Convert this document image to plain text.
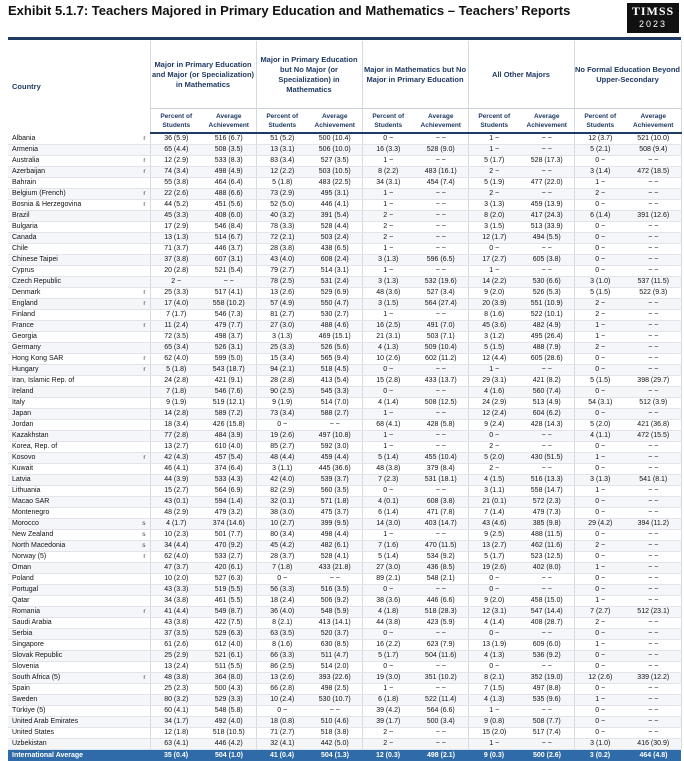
Exhibit 5.1.7: Teachers Majored in Primary Education and Mathematics – Teachers’ Reports	TIMSS
2023
Country	Major in Primary Education and Major (or Specialization) in Mathematics		Major in Primary Education but No Major (or Specialization) in Mathematics		Major in Mathematics but No Major in Primary Education		All Other Majors		No Formal Education Beyond Upper-Secondary	
	Percent of Students	Average Achievement	Percent of Students	Average Achievement	Percent of Students	Average Achievement	Percent of Students	Average Achievement	Percent of Students	Average Achievement
Albania r	36 (5.9)	516 (6.7)	51 (5.2)	500 (10.4)	0 ~	~ ~	1 ~	~ ~	12 (3.7)	521 (10.0)
Armenia	65 (4.4)	508 (3.5)	13 (3.1)	506 (10.0)	16 (3.3)	528 (9.0)	1 ~	~ ~	5 (2.1)	508 (9.4)
Australia r	12 (2.9)	533 (8.3)	83 (3.4)	527 (3.5)	1 ~	~ ~	5 (1.7)	528 (17.3)	0 ~	~ ~
Azerbaijan r	74 (3.4)	498 (4.9)	12 (2.2)	503 (10.5)	8 (2.2)	483 (16.1)	2 ~	~ ~	3 (1.4)	472 (18.5)
Bahrain	55 (3.8)	464 (6.4)	5 (1.8)	483 (22.5)	34 (3.1)	454 (7.4)	5 (1.9)	477 (22.0)	1 ~	~ ~
Belgium (French) r	22 (2.6)	488 (6.6)	73 (2.9)	495 (3.1)	1 ~	~ ~	2 ~	~ ~	2 ~	~ ~
Bosnia & Herzegovina r	44 (5.2)	451 (5.6)	52 (5.0)	446 (4.1)	1 ~	~ ~	3 (1.3)	459 (13.9)	0 ~	~ ~
Brazil	45 (3.3)	408 (6.0)	40 (3.2)	391 (5.4)	2 ~	~ ~	8 (2.0)	417 (24.3)	6 (1.4)	391 (12.6)
Bulgaria	17 (2.9)	546 (8.4)	78 (3.3)	528 (4.4)	2 ~	~ ~	3 (1.5)	513 (33.9)	0 ~	~ ~
Canada	13 (1.3)	514 (6.7)	72 (2.1)	503 (2.4)	2 ~	~ ~	12 (1.7)	494 (5.5)	0 ~	~ ~
Chile	71 (3.7)	446 (3.7)	28 (3.8)	438 (6.5)	1 ~	~ ~	0 ~	~ ~	0 ~	~ ~
Chinese Taipei	37 (3.8)	607 (3.1)	43 (4.0)	608 (2.4)	3 (1.3)	596 (6.5)	17 (2.7)	605 (3.8)	0 ~	~ ~
Cyprus	20 (2.8)	521 (5.4)	79 (2.7)	514 (3.1)	1 ~	~ ~	1 ~	~ ~	0 ~	~ ~
Czech Republic	2 ~	~ ~	78 (2.5)	531 (2.4)	3 (1.3)	532 (19.6)	14 (2.2)	530 (6.6)	3 (1.0)	537 (11.5)
Denmark r	25 (3.3)	517 (4.1)	13 (2.6)	529 (6.9)	48 (3.6)	527 (3.4)	9 (2.0)	526 (5.3)	5 (1.5)	522 (9.3)
England r	17 (4.0)	558 (10.2)	57 (4.9)	550 (4.7)	3 (1.5)	564 (27.4)	20 (3.9)	551 (10.9)	2 ~	~ ~
Finland	7 (1.7)	546 (7.3)	81 (2.7)	530 (2.7)	1 ~	~ ~	8 (1.6)	522 (10.1)	2 ~	~ ~
France r	11 (2.4)	479 (7.7)	27 (3.0)	488 (4.6)	16 (2.5)	491 (7.0)	45 (3.6)	482 (4.9)	1 ~	~ ~
Georgia	72 (3.5)	498 (3.7)	3 (1.3)	469 (15.1)	21 (3.1)	503 (7.1)	3 (1.2)	495 (26.4)	1 ~	~ ~
Germany	65 (3.4)	526 (3.1)	25 (3.3)	526 (5.6)	4 (1.3)	509 (10.4)	5 (1.5)	488 (7.9)	2 ~	~ ~
Hong Kong SAR r	62 (4.0)	599 (5.0)	15 (3.4)	565 (9.4)	10 (2.6)	602 (11.2)	12 (4.4)	605 (28.6)	0 ~	~ ~
Hungary r	5 (1.8)	543 (18.7)	94 (2.1)	518 (4.5)	0 ~	~ ~	1 ~	~ ~	0 ~	~ ~
Iran, Islamic Rep. of	24 (2.8)	421 (9.1)	28 (2.8)	413 (5.4)	15 (2.8)	433 (13.7)	29 (3.1)	421 (8.2)	5 (1.5)	398 (29.7)
Ireland	7 (1.8)	546 (7.6)	90 (2.5)	545 (3.3)	0 ~	~ ~	4 (1.6)	560 (7.4)	0 ~	~ ~
Italy	9 (1.9)	519 (12.1)	9 (1.9)	514 (7.0)	4 (1.4)	508 (12.5)	24 (2.9)	513 (4.9)	54 (3.1)	512 (3.9)
Japan	14 (2.8)	589 (7.2)	73 (3.4)	588 (2.7)	1 ~	~ ~	12 (2.4)	604 (6.2)	0 ~	~ ~
Jordan	18 (3.4)	426 (15.8)	0 ~	~ ~	68 (4.1)	428 (5.8)	9 (2.4)	428 (14.3)	5 (2.0)	421 (36.8)
Kazakhstan	77 (2.8)	484 (3.9)	19 (2.6)	497 (10.8)	1 ~	~ ~	0 ~	~ ~	4 (1.1)	472 (15.5)
Korea, Rep. of	13 (2.7)	610 (4.0)	85 (2.7)	592 (3.0)	1 ~	~ ~	2 ~	~ ~	0 ~	~ ~
Kosovo r	42 (4.3)	457 (5.4)	48 (4.4)	459 (4.4)	5 (1.4)	455 (10.4)	5 (2.0)	430 (51.5)	1 ~	~ ~
Kuwait	46 (4.1)	374 (6.4)	3 (1.1)	445 (36.6)	48 (3.8)	379 (8.4)	2 ~	~ ~	0 ~	~ ~
Latvia	44 (3.9)	533 (4.3)	42 (4.0)	539 (3.7)	7 (2.3)	531 (18.1)	4 (1.5)	516 (13.3)	3 (1.3)	541 (8.1)
Lithuania	15 (2.7)	564 (6.9)	82 (2.9)	560 (3.5)	0 ~	~ ~	3 (1.1)	558 (14.7)	1 ~	~ ~
Macao SAR	43 (0.1)	594 (1.4)	32 (0.1)	571 (1.8)	4 (0.1)	608 (3.8)	21 (0.1)	572 (2.3)	0 ~	~ ~
Montenegro	48 (2.9)	479 (3.2)	38 (3.0)	475 (3.7)	6 (1.4)	471 (7.8)	7 (1.4)	479 (7.3)	0 ~	~ ~
Morocco s	4 (1.7)	374 (14.6)	10 (2.7)	399 (9.5)	14 (3.0)	403 (14.7)	43 (4.6)	385 (9.8)	29 (4.2)	394 (11.2)
New Zealand s	10 (2.3)	501 (7.7)	80 (3.4)	498 (4.4)	1 ~	~ ~	9 (2.5)	488 (11.5)	0 ~	~ ~
North Macedonia s	34 (4.4)	470 (9.2)	45 (4.2)	482 (6.1)	7 (1.6)	470 (11.5)	13 (2.7)	462 (11.6)	2 ~	~ ~
Norway (5) r	62 (4.0)	533 (2.7)	28 (3.7)	528 (4.1)	5 (1.4)	534 (9.2)	5 (1.7)	523 (12.5)	0 ~	~ ~
Oman	47 (3.7)	420 (6.1)	7 (1.8)	433 (21.8)	27 (3.0)	436 (8.5)	19 (2.6)	402 (8.0)	1 ~	~ ~
Poland	10 (2.0)	527 (6.3)	0 ~	~ ~	89 (2.1)	548 (2.1)	0 ~	~ ~	0 ~	~ ~
Portugal	43 (3.3)	519 (5.5)	56 (3.3)	516 (3.5)	0 ~	~ ~	0 ~	~ ~	0 ~	~ ~
Qatar	34 (3.8)	461 (5.5)	18 (2.4)	506 (9.2)	38 (3.6)	446 (6.6)	9 (2.0)	458 (15.0)	1 ~	~ ~
Romania r	41 (4.4)	549 (8.7)	36 (4.0)	548 (5.9)	4 (1.8)	518 (28.3)	12 (3.1)	547 (14.4)	7 (2.7)	512 (23.1)
Saudi Arabia	43 (3.8)	422 (7.5)	8 (2.1)	413 (14.1)	44 (3.8)	423 (5.9)	4 (1.4)	408 (28.7)	2 ~	~ ~
Serbia	37 (3.5)	529 (6.3)	63 (3.5)	520 (3.7)	0 ~	~ ~	0 ~	~ ~	0 ~	~ ~
Singapore	61 (2.6)	612 (4.0)	8 (1.6)	630 (8.5)	16 (2.2)	623 (7.9)	13 (1.9)	609 (6.0)	1 ~	~ ~
Slovak Republic	25 (2.9)	521 (6.1)	66 (3.3)	511 (4.7)	5 (1.7)	504 (11.6)	4 (1.3)	536 (9.2)	0 ~	~ ~
Slovenia	13 (2.4)	511 (5.5)	86 (2.5)	514 (2.0)	0 ~	~ ~	0 ~	~ ~	0 ~	~ ~
South Africa (5) r	48 (3.8)	364 (8.0)	13 (2.6)	393 (22.6)	19 (3.0)	351 (10.2)	8 (2.1)	352 (19.0)	12 (2.6)	339 (12.2)
Spain	25 (2.3)	500 (4.3)	66 (2.8)	498 (2.5)	1 ~	~ ~	7 (1.5)	497 (8.8)	0 ~	~ ~
Sweden	80 (3.2)	529 (3.3)	10 (2.4)	530 (10.7)	6 (1.8)	522 (11.4)	4 (1.3)	535 (9.6)	1 ~	~ ~
Türkiye (5)	60 (4.1)	548 (5.8)	0 ~	~ ~	39 (4.2)	564 (6.6)	1 ~	~ ~	0 ~	~ ~
United Arab Emirates	34 (1.7)	492 (4.0)	18 (0.8)	510 (4.6)	39 (1.7)	500 (3.4)	9 (0.8)	508 (7.7)	0 ~	~ ~
United States	12 (1.8)	518 (10.5)	71 (2.7)	518 (3.8)	2 ~	~ ~	15 (2.0)	517 (7.4)	0 ~	~ ~
Uzbekistan	63 (4.1)	446 (4.2)	32 (4.1)	442 (5.0)	2 ~	~ ~	1 ~	~ ~	3 (1.0)	416 (30.9)
International Average	35 (0.4)	504 (1.0)	41 (0.4)	504 (1.3)	12 (0.3)	498 (2.1)	9 (0.3)	500 (2.6)	3 (0.2)	464 (4.8)
